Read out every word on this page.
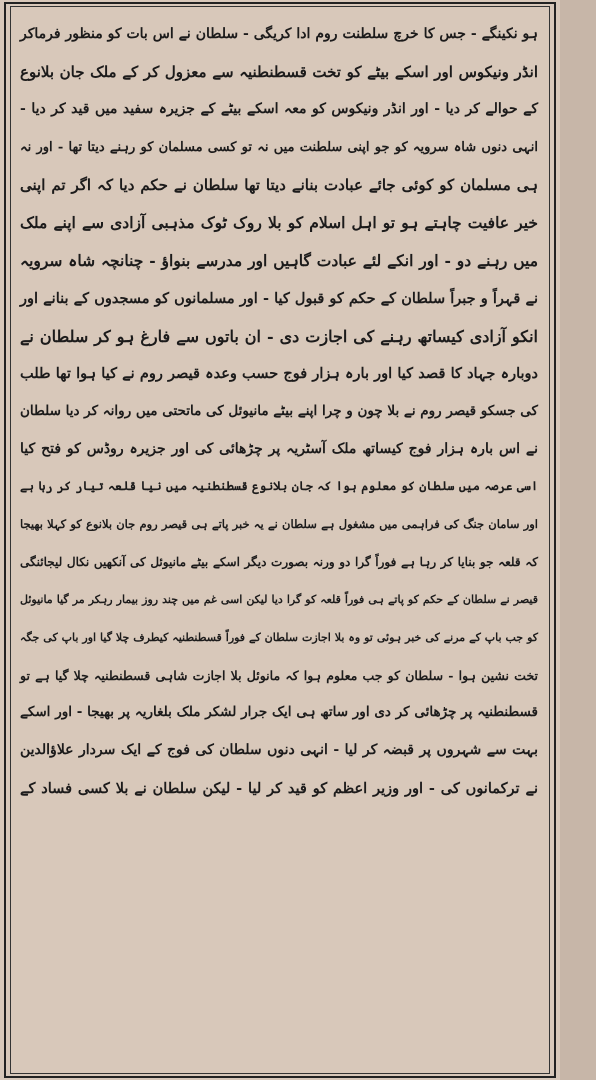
ہو نکینگے - جس کا خرچ سلطنت روم ادا کریگی - سلطان نے اس بات کو منظور فرماکر
انڈر ونیکوس اور اسکے بیٹے کو تخت قسطنطنیہ سے معزول کر کے ملک جان بلانوع
کے حوالے کر دیا - اور انڈر ونیکوس کو معہ اسکے بیٹے کے جزیرہ سفید میں قید کر دیا -
انہی دنوں شاہ سرویہ کو جو اپنی سلطنت میں نہ تو کسی مسلمان کو رہنے دیتا تھا - اور نہ
ہی مسلمان کو کوئی جائے عبادت بنانے دیتا تھا سلطان نے حکم دیا کہ اگر تم اپنی
خیر عافیت چاہتے ہو تو اہل اسلام کو بلا روک ٹوک مذہبی آزادی سے اپنے ملک
میں رہنے دو - اور انکے لئے عبادت گاہیں اور مدرسے بنواؤ - چنانچہ شاہ سرویہ
نے قہراً و جبراً سلطان کے حکم کو قبول کیا - اور مسلمانوں کو مسجدوں کے بنانے اور
انکو آزادی کیساتھ رہنے کی اجازت دی - ان باتوں سے فارغ ہو کر سلطان نے
دوبارہ جہاد کا قصد کیا اور بارہ ہزار فوج حسب وعدہ قیصر روم نے کیا ہوا تھا طلب
کی جسکو قیصر روم نے بلا چون و چرا اپنے بیٹے مانیوئل کی ماتحتی میں روانہ کر دیا سلطان
نے اس بارہ ہزار فوج کیساتھ ملک آسٹریہ پر چڑھائی کی اور جزیرہ روڈس کو فتح کیا
اسی عرصہ میں سلطان کو معلوم ہوا کہ جان بلانوع قسطنطنیہ میں نیا قلعہ تیار کر رہا ہے
اور سامان جنگ کی فراہمی میں مشغول ہے سلطان نے یہ خبر پاتے ہی قیصر روم جان بلانوع کو کہلا بھیجا
کہ قلعہ جو بنایا کر رہا ہے فوراً گرا دو ورنہ بصورت دیگر اسکے بیٹے مانیوئل کی آنکھیں نکال لیجائنگی
قیصر نے سلطان کے حکم کو پاتے ہی فوراً قلعہ کو گرا دیا لیکن اسی غم میں چند روز بیمار رہکر مر گیا مانیوئل
کو جب باپ کے مرنے کی خبر ہوئی تو وہ بلا اجازت سلطان کے فوراً قسطنطنیہ کیطرف چلا گیا اور باپ کی جگہ
تخت نشین ہوا - سلطان کو جب معلوم ہوا کہ مانوئل بلا اجازت شاہی قسطنطنیہ چلا گیا ہے تو
قسطنطنیہ پر چڑھائی کر دی اور ساتھ ہی ایک جرار لشکر ملک بلغاریہ پر بھیجا - اور اسکے
بہت سے شہروں پر قبضہ کر لیا - انہی دنوں سلطان کی فوج کے ایک سردار علاؤالدین
نے ترکمانوں کی - اور وزیر اعظم کو قید کر لیا - لیکن سلطان نے بلا کسی فساد کے
